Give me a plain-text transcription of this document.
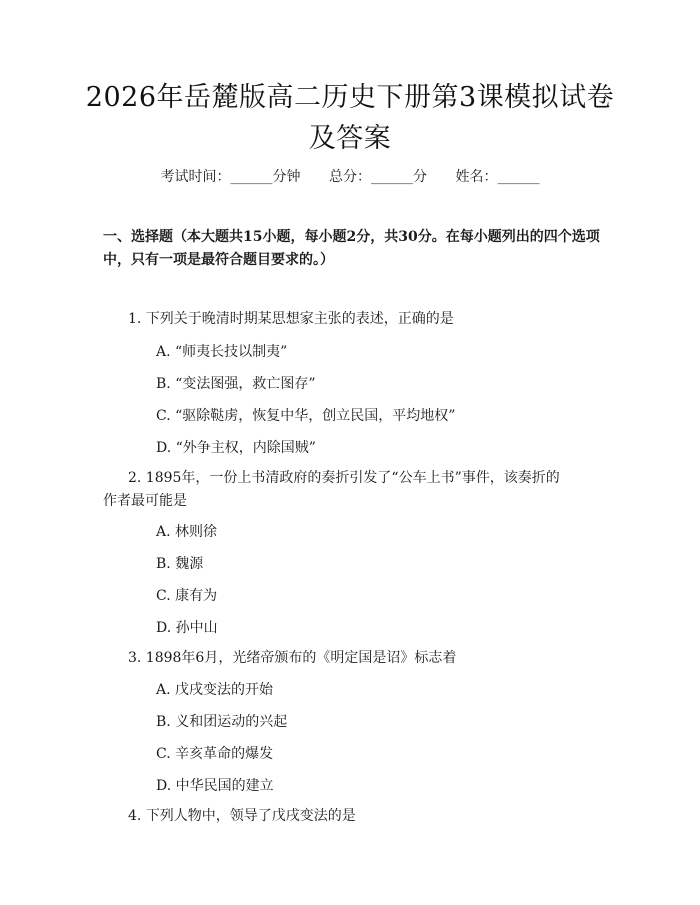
2026年岳麓版高二历史下册第3课模拟试卷
及答案
考试时间：______分钟 总分：______分 姓名：______
一、选择题（本大题共15小题，每小题2分，共30分。在每小题列出的四个选项中，只有一项是最符合题目要求的。）
1. 下列关于晚清时期某思想家主张的表述，正确的是
A. “师夷长技以制夷”
B. “变法图强，救亡图存”
C. “驱除鞑虏，恢复中华，创立民国，平均地权”
D. “外争主权，内除国贼”
2. 1895年，一份上书清政府的奏折引发了“公车上书”事件，该奏折的作者最可能是
A. 林则徐
B. 魏源
C. 康有为
D. 孙中山
3. 1898年6月，光绪帝颁布的《明定国是诏》标志着
A. 戊戌变法的开始
B. 义和团运动的兴起
C. 辛亥革命的爆发
D. 中华民国的建立
4. 下列人物中，领导了戊戌变法的是
